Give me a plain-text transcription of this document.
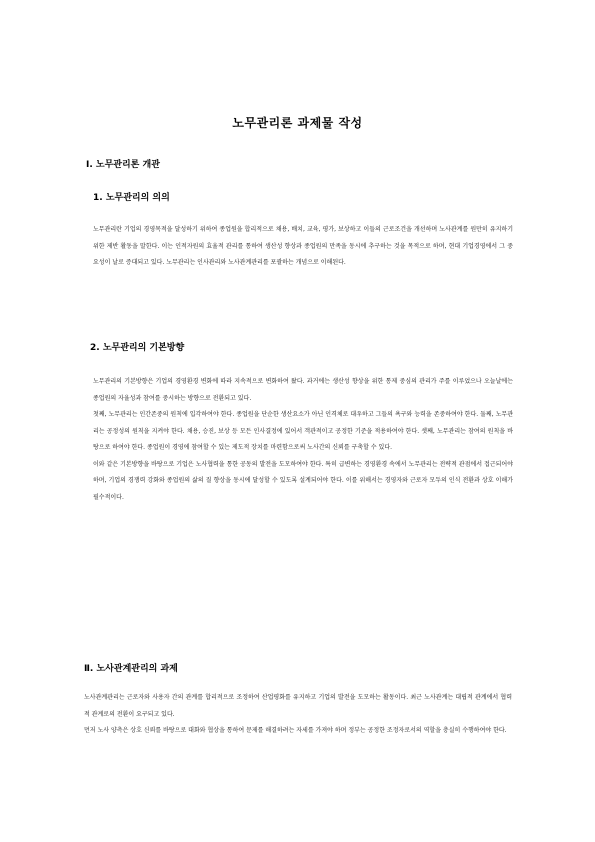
노무관리론 과제물 작성
Ⅰ. 노무관리론 개관
1. 노무관리의 의의

노무관리란 기업의 경영목적을 달성하기 위하여 종업원을 합리적으로 채용, 배치, 교육, 평가, 보상하고 이들의 근로조건을 개선하며 노사관계를 원만히 유지하기 위한 제반 활동을 말한다. 이는 인적자원의 효율적 관리를 통하여 생산성 향상과 종업원의 만족을 동시에 추구하는 것을 목적으로 하며, 현대 기업경영에서 그 중요성이 날로 증대되고 있다. 노무관리는 인사관리와 노사관계관리를 포괄하는 개념으로 이해된다.

2. 노무관리의 기본방향

노무관리의 기본방향은 기업의 경영환경 변화에 따라 지속적으로 변화하여 왔다. 과거에는 생산성 향상을 위한 통제 중심의 관리가 주를 이루었으나 오늘날에는 종업원의 자율성과 참여를 중시하는 방향으로 전환되고 있다.

첫째, 노무관리는 인간존중의 원칙에 입각하여야 한다. 종업원을 단순한 생산요소가 아닌 인격체로 대우하고 그들의 욕구와 능력을 존중하여야 한다. 둘째, 노무관리는 공정성의 원칙을 지켜야 한다. 채용, 승진, 보상 등 모든 인사결정에 있어서 객관적이고 공정한 기준을 적용하여야 한다. 셋째, 노무관리는 참여의 원칙을 바탕으로 하여야 한다. 종업원이 경영에 참여할 수 있는 제도적 장치를 마련함으로써 노사간의 신뢰를 구축할 수 있다.

이와 같은 기본방향을 바탕으로 기업은 노사협력을 통한 공동의 발전을 도모하여야 한다. 특히 급변하는 경영환경 속에서 노무관리는 전략적 관점에서 접근되어야 하며, 기업의 경쟁력 강화와 종업원의 삶의 질 향상을 동시에 달성할 수 있도록 설계되어야 한다. 이를 위해서는 경영자와 근로자 모두의 인식 전환과 상호 이해가 필수적이다.

Ⅱ. 노사관계관리의 과제

노사관계관리는 근로자와 사용자 간의 관계를 합리적으로 조정하여 산업평화를 유지하고 기업의 발전을 도모하는 활동이다. 최근 노사관계는 대립적 관계에서 협력적 관계로의 전환이 요구되고 있다.

먼저 노사 양측은 상호 신뢰를 바탕으로 대화와 협상을 통하여 문제를 해결하려는 자세를 가져야 하며 정부는 공정한 조정자로서의 역할을 충실히 수행하여야 한다.
